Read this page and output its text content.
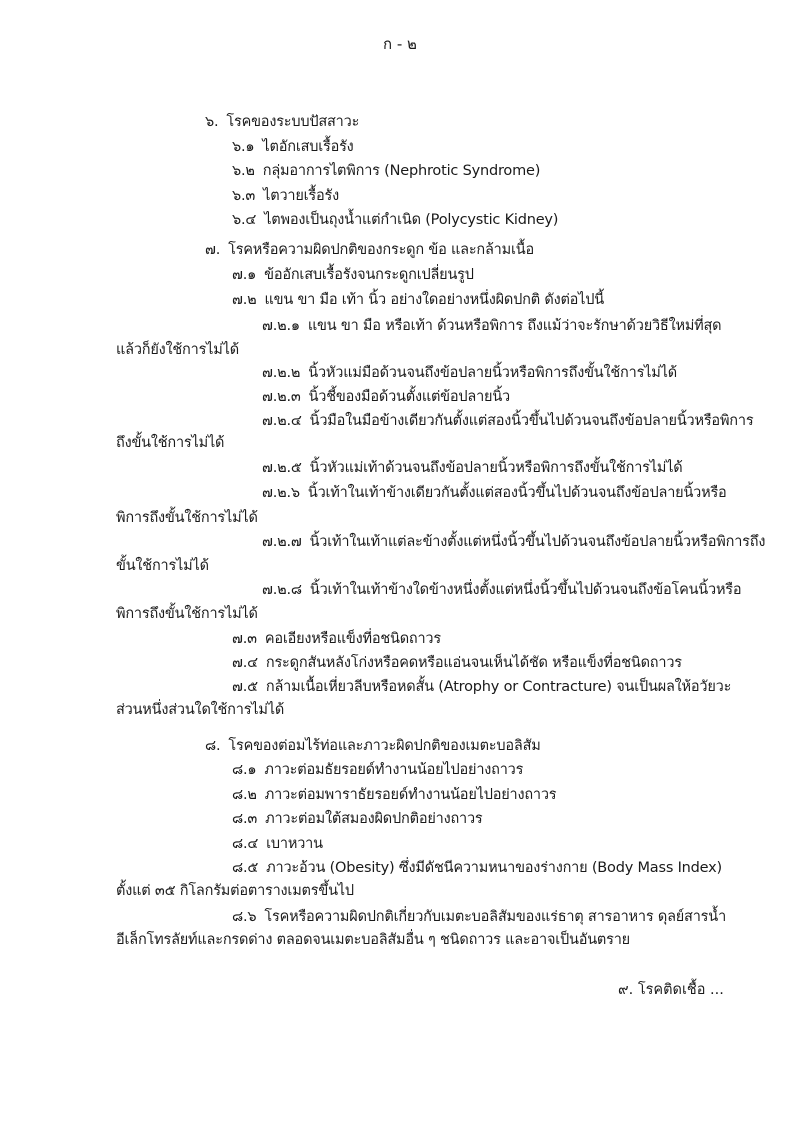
ก - ๒
๖. โรคของระบบปัสสาวะ
๖.๑ ไตอักเสบเรื้อรัง
๖.๒ กลุ่มอาการไตพิการ (Nephrotic Syndrome)
๖.๓ ไตวายเรื้อรัง
๖.๔ ไตพองเป็นถุงน้ำแต่กำเนิด (Polycystic Kidney)
๗. โรคหรือความผิดปกติของกระดูก ข้อ และกล้ามเนื้อ
๗.๑ ข้ออักเสบเรื้อรังจนกระดูกเปลี่ยนรูป
๗.๒ แขน ขา มือ เท้า นิ้ว อย่างใดอย่างหนึ่งผิดปกติ ดังต่อไปนี้
๗.๒.๑ แขน ขา มือ หรือเท้า ด้วนหรือพิการ ถึงแม้ว่าจะรักษาด้วยวิธีใหม่ที่สุด
แล้วก็ยังใช้การไม่ได้
๗.๒.๒ นิ้วหัวแม่มือด้วนจนถึงข้อปลายนิ้วหรือพิการถึงขั้นใช้การไม่ได้
๗.๒.๓ นิ้วชี้ของมือด้วนตั้งแต่ข้อปลายนิ้ว
๗.๒.๔ นิ้วมือในมือข้างเดียวกันตั้งแต่สองนิ้วขึ้นไปด้วนจนถึงข้อปลายนิ้วหรือพิการ
ถึงขั้นใช้การไม่ได้
๗.๒.๕ นิ้วหัวแม่เท้าด้วนจนถึงข้อปลายนิ้วหรือพิการถึงขั้นใช้การไม่ได้
๗.๒.๖ นิ้วเท้าในเท้าข้างเดียวกันตั้งแต่สองนิ้วขึ้นไปด้วนจนถึงข้อปลายนิ้วหรือ
พิการถึงขั้นใช้การไม่ได้
๗.๒.๗ นิ้วเท้าในเท้าแต่ละข้างตั้งแต่หนึ่งนิ้วขึ้นไปด้วนจนถึงข้อปลายนิ้วหรือพิการถึง
ขั้นใช้การไม่ได้
๗.๒.๘ นิ้วเท้าในเท้าข้างใดข้างหนึ่งตั้งแต่หนึ่งนิ้วขึ้นไปด้วนจนถึงข้อโคนนิ้วหรือ
พิการถึงขั้นใช้การไม่ได้
๗.๓ คอเอียงหรือแข็งที่อชนิดถาวร
๗.๔ กระดูกสันหลังโก่งหรือคดหรือแอ่นจนเห็นได้ชัด หรือแข็งที่อชนิดถาวร
๗.๕ กล้ามเนื้อเหี่ยวลีบหรือหดสั้น (Atrophy or Contracture) จนเป็นผลให้อวัยวะ
ส่วนหนึ่งส่วนใดใช้การไม่ได้
๘. โรคของต่อมไร้ท่อและภาวะผิดปกติของเมตะบอลิสัม
๘.๑ ภาวะต่อมธัยรอยด์ทำงานน้อยไปอย่างถาวร
๘.๒ ภาวะต่อมพาราธัยรอยด์ทำงานน้อยไปอย่างถาวร
๘.๓ ภาวะต่อมใต้สมองผิดปกติอย่างถาวร
๘.๔ เบาหวาน
๘.๕ ภาวะอ้วน (Obesity) ซึ่งมีดัชนีความหนาของร่างกาย (Body Mass Index)
ตั้งแต่ ๓๕ กิโลกรัมต่อตารางเมตรขึ้นไป
๘.๖ โรคหรือความผิดปกติเกี่ยวกับเมตะบอลิสัมของแร่ธาตุ สารอาหาร ดุลย์สารน้ำ
อีเล็กโทรลัยท์และกรดด่าง ตลอดจนเมตะบอลิสัมอื่น ๆ ชนิดถาวร และอาจเป็นอันตราย
๙. โรคติดเชื้อ ...
